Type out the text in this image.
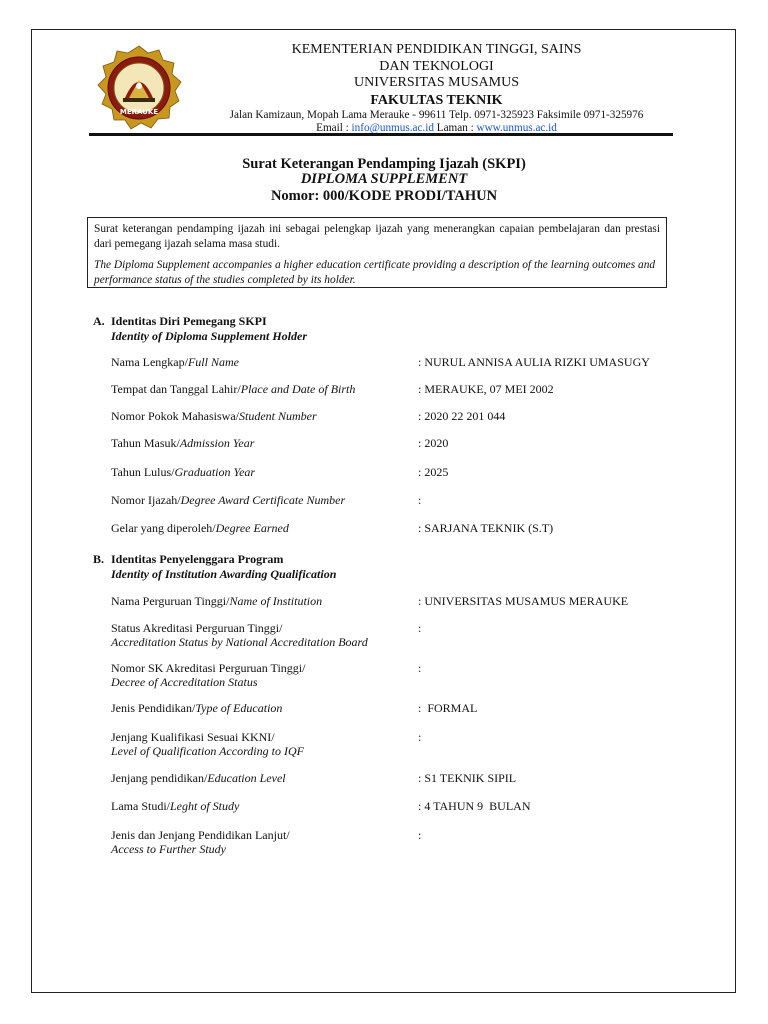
MERAUKE
KEMENTERIAN PENDIDIKAN TINGGI, SAINS
DAN TEKNOLOGI
UNIVERSITAS MUSAMUS
FAKULTAS TEKNIK
Jalan Kamizaun, Mopah Lama Merauke - 99611 Telp. 0971-325923 Faksimile 0971-325976
Email : info@unmus.ac.id Laman : www.unmus.ac.id
Surat Keterangan Pendamping Ijazah (SKPI)
DIPLOMA SUPPLEMENT
Nomor: 000/KODE PRODI/TAHUN

Surat keterangan pendamping ijazah ini sebagai pelengkap ijazah yang menerangkan capaian pembelajaran dan prestasi dari pemegang ijazah selama masa studi.

The Diploma Supplement accompanies a higher education certificate providing a description of the learning outcomes and performance status of the studies completed by its holder.

A. Identitas Diri Pemegang SKPI
Identity of Diploma Supplement Holder
Nama Lengkap/Full Name	: NURUL ANNISA AULIA RIZKI UMASUGY
Tempat dan Tanggal Lahir/Place and Date of Birth	: MERAUKE, 07 MEI 2002
Nomor Pokok Mahasiswa/Student Number	: 2020 22 201 044
Tahun Masuk/Admission Year	: 2020
Tahun Lulus/Graduation Year	: 2025
Nomor Ijazah/Degree Award Certificate Number	:
Gelar yang diperoleh/Degree Earned	: SARJANA TEKNIK (S.T)
B. Identitas Penyelenggara Program
Identity of Institution Awarding Qualification
Nama Perguruan Tinggi/Name of Institution	: UNIVERSITAS MUSAMUS MERAUKE
Status Akreditasi Perguruan Tinggi/
Accreditation Status by National Accreditation Board
:
Nomor SK Akreditasi Perguruan Tinggi/
Decree of Accreditation Status
:
Jenis Pendidikan/Type of Education	:  FORMAL
Jenjang Kualifikasi Sesuai KKNI/
Level of Qualification According to IQF
:
Jenjang pendidikan/Education Level	: S1 TEKNIK SIPIL
Lama Studi/Leght of Study	: 4 TAHUN 9  BULAN
Jenis dan Jenjang Pendidikan Lanjut/
Access to Further Study
:
